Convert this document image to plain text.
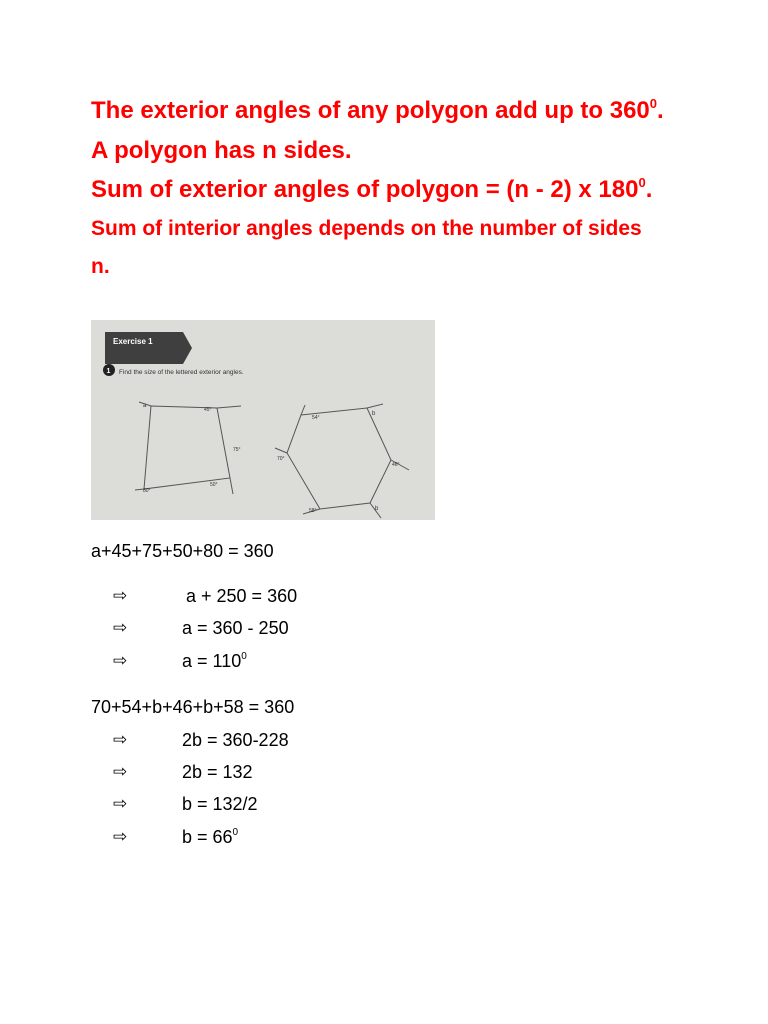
The exterior angles of any polygon add up to $360^0$.
A polygon has n sides.
Sum of exterior angles of polygon = (n - 2) x $180^0$.
Sum of interior angles depends on the number of sides
n.
Exercise 1
1 Find the size of the lettered exterior angles.
a
45°
75°
50°
80°
54°
b
70°
46°
58°	b
a+45+75+50+80 = 360
⇨	a + 250 = 360
⇨	a = 360 - 250
⇨	$a = 110^0$
70+54+b+46+b+58 = 360
⇨	2b = 360-228
⇨	2b = 132
⇨	b = 132/2
⇨	$b = 66^0$
